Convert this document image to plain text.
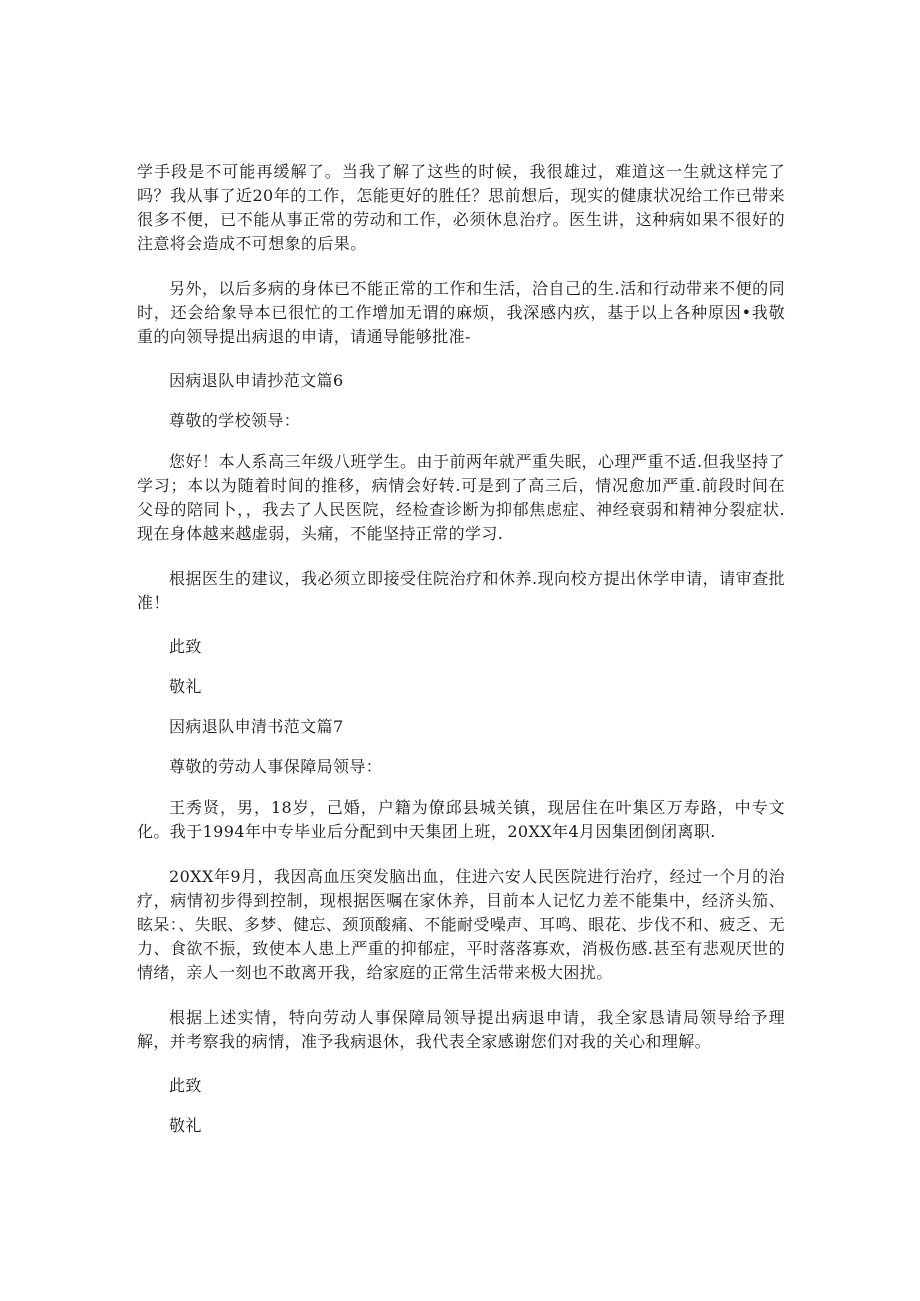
学手段是不可能再缓解了。当我了解了这些的时候，我很雄过，难道这一生就这样完了吗？我从事了近20年的工作，怎能更好的胜任？思前想后，现实的健康状况给工作已带来很多不便，已不能从事正常的劳动和工作，必须休息治疗。医生讲，这种病如果不很好的注意将会造成不可想象的后果。

另外，以后多病的身体已不能正常的工作和生活，洽自己的生.活和行动带来不便的同时，还会给象导本已很忙的工作增加无谓的麻烦，我深感内疚，基于以上各种原因•我敬重的向领导提出病退的申请，请通导能够批准-

因病退队申请抄范文篇6

尊敬的学校领导：

您好！本人系高三年级八班学生。由于前两年就严重失眠，心理严重不适.但我坚持了学习；本以为随着时间的推移，病情会好转.可是到了高三后，情况愈加严重.前段时间在父母的陪同卜，，我去了人民医院，经检查诊断为抑郁焦虑症、神经衰弱和精神分裂症状.现在身体越来越虚弱，头痛，不能坚持正常的学习.

根据医生的建议，我必须立即接受住院治疗和休养.现向校方提出休学申请，请审查批准！

此致

敬礼

因病退队申清书范文篇7

尊敬的劳动人事保障局领导：

王秀贤，男，18岁，己婚，户籍为僚邱县城关镇，现居住在叶集区万寿路，中专文化。我于1994年中专毕业后分配到中天集团上班，20XX年4月因集团倒闭离职.

20XX年9月，我因高血压突发脑出血，住进六安人民医院进行治疗，经过一个月的治疗，病情初步得到控制，现根据医嘱在家休养，目前本人记忆力差不能集中，经济头笳、眩呆：、失眠、多梦、健忘、颈顶酸痛、不能耐受噪声、耳鸣、眼花、步伐不和、疲乏、无力、食欲不振，致使本人患上严重的抑郁症，平时落落寡欢，消极伤感.甚至有悲观厌世的情绪，亲人一刻也不敢离开我，给家庭的正常生活带来极大困扰。

根据上述实情，特向劳动人事保障局领导提出病退申请，我全家恳请局领导给予理解，并考察我的病情，准予我病退休，我代表全家感谢您们对我的关心和理解。

此致

敬礼
